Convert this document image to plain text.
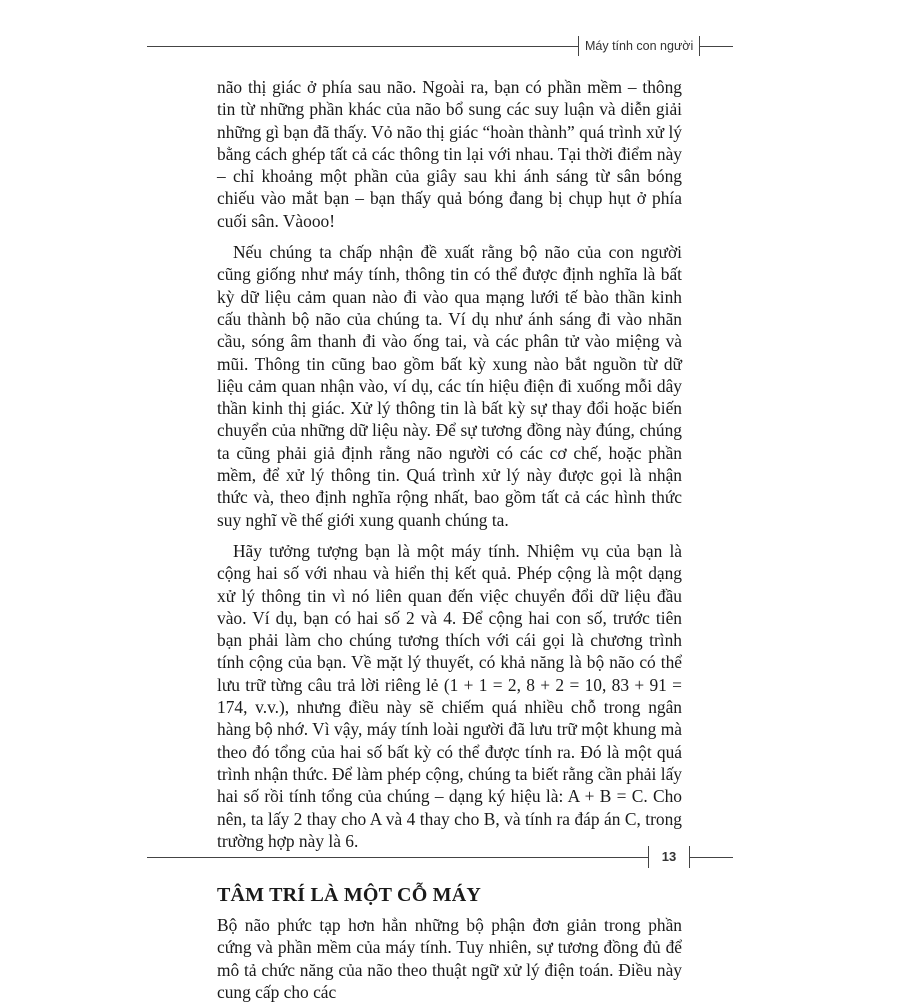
Máy tính con người

não thị giác ở phía sau não. Ngoài ra, bạn có phần mềm – thông tin từ những phần khác của não bổ sung các suy luận và diễn giải những gì bạn đã thấy. Vỏ não thị giác “hoàn thành” quá trình xử lý bằng cách ghép tất cả các thông tin lại với nhau. Tại thời điểm này – chỉ khoảng một phần của giây sau khi ánh sáng từ sân bóng chiếu vào mắt bạn – bạn thấy quả bóng đang bị chụp hụt ở phía cuối sân. Vàooo!

Nếu chúng ta chấp nhận đề xuất rằng bộ não của con người cũng giống như máy tính, thông tin có thể được định nghĩa là bất kỳ dữ liệu cảm quan nào đi vào qua mạng lưới tế bào thần kinh cấu thành bộ não của chúng ta. Ví dụ như ánh sáng đi vào nhãn cầu, sóng âm thanh đi vào ống tai, và các phân tử vào miệng và mũi. Thông tin cũng bao gồm bất kỳ xung nào bắt nguồn từ dữ liệu cảm quan nhận vào, ví dụ, các tín hiệu điện đi xuống mỗi dây thần kinh thị giác. Xử lý thông tin là bất kỳ sự thay đổi hoặc biến chuyển của những dữ liệu này. Để sự tương đồng này đúng, chúng ta cũng phải giả định rằng não người có các cơ chế, hoặc phần mềm, để xử lý thông tin. Quá trình xử lý này được gọi là nhận thức và, theo định nghĩa rộng nhất, bao gồm tất cả các hình thức suy nghĩ về thế giới xung quanh chúng ta.

Hãy tưởng tượng bạn là một máy tính. Nhiệm vụ của bạn là cộng hai số với nhau và hiển thị kết quả. Phép cộng là một dạng xử lý thông tin vì nó liên quan đến việc chuyển đổi dữ liệu đầu vào. Ví dụ, bạn có hai số 2 và 4. Để cộng hai con số, trước tiên bạn phải làm cho chúng tương thích với cái gọi là chương trình tính cộng của bạn. Về mặt lý thuyết, có khả năng là bộ não có thể lưu trữ từng câu trả lời riêng lẻ (1 + 1 = 2, 8 + 2 = 10, 83 + 91 = 174, v.v.), nhưng điều này sẽ chiếm quá nhiều chỗ trong ngân hàng bộ nhớ. Vì vậy, máy tính loài người đã lưu trữ một khung mà theo đó tổng của hai số bất kỳ có thể được tính ra. Đó là một quá trình nhận thức. Để làm phép cộng, chúng ta biết rằng cần phải lấy hai số rồi tính tổng của chúng – dạng ký hiệu là: A + B = C. Cho nên, ta lấy 2 thay cho A và 4 thay cho B, và tính ra đáp án C, trong trường hợp này là 6.

TÂM TRÍ LÀ MỘT CỖ MÁY

Bộ não phức tạp hơn hẳn những bộ phận đơn giản trong phần cứng và phần mềm của máy tính. Tuy nhiên, sự tương đồng đủ để mô tả chức năng của não theo thuật ngữ xử lý điện toán. Điều này cung cấp cho các

13
